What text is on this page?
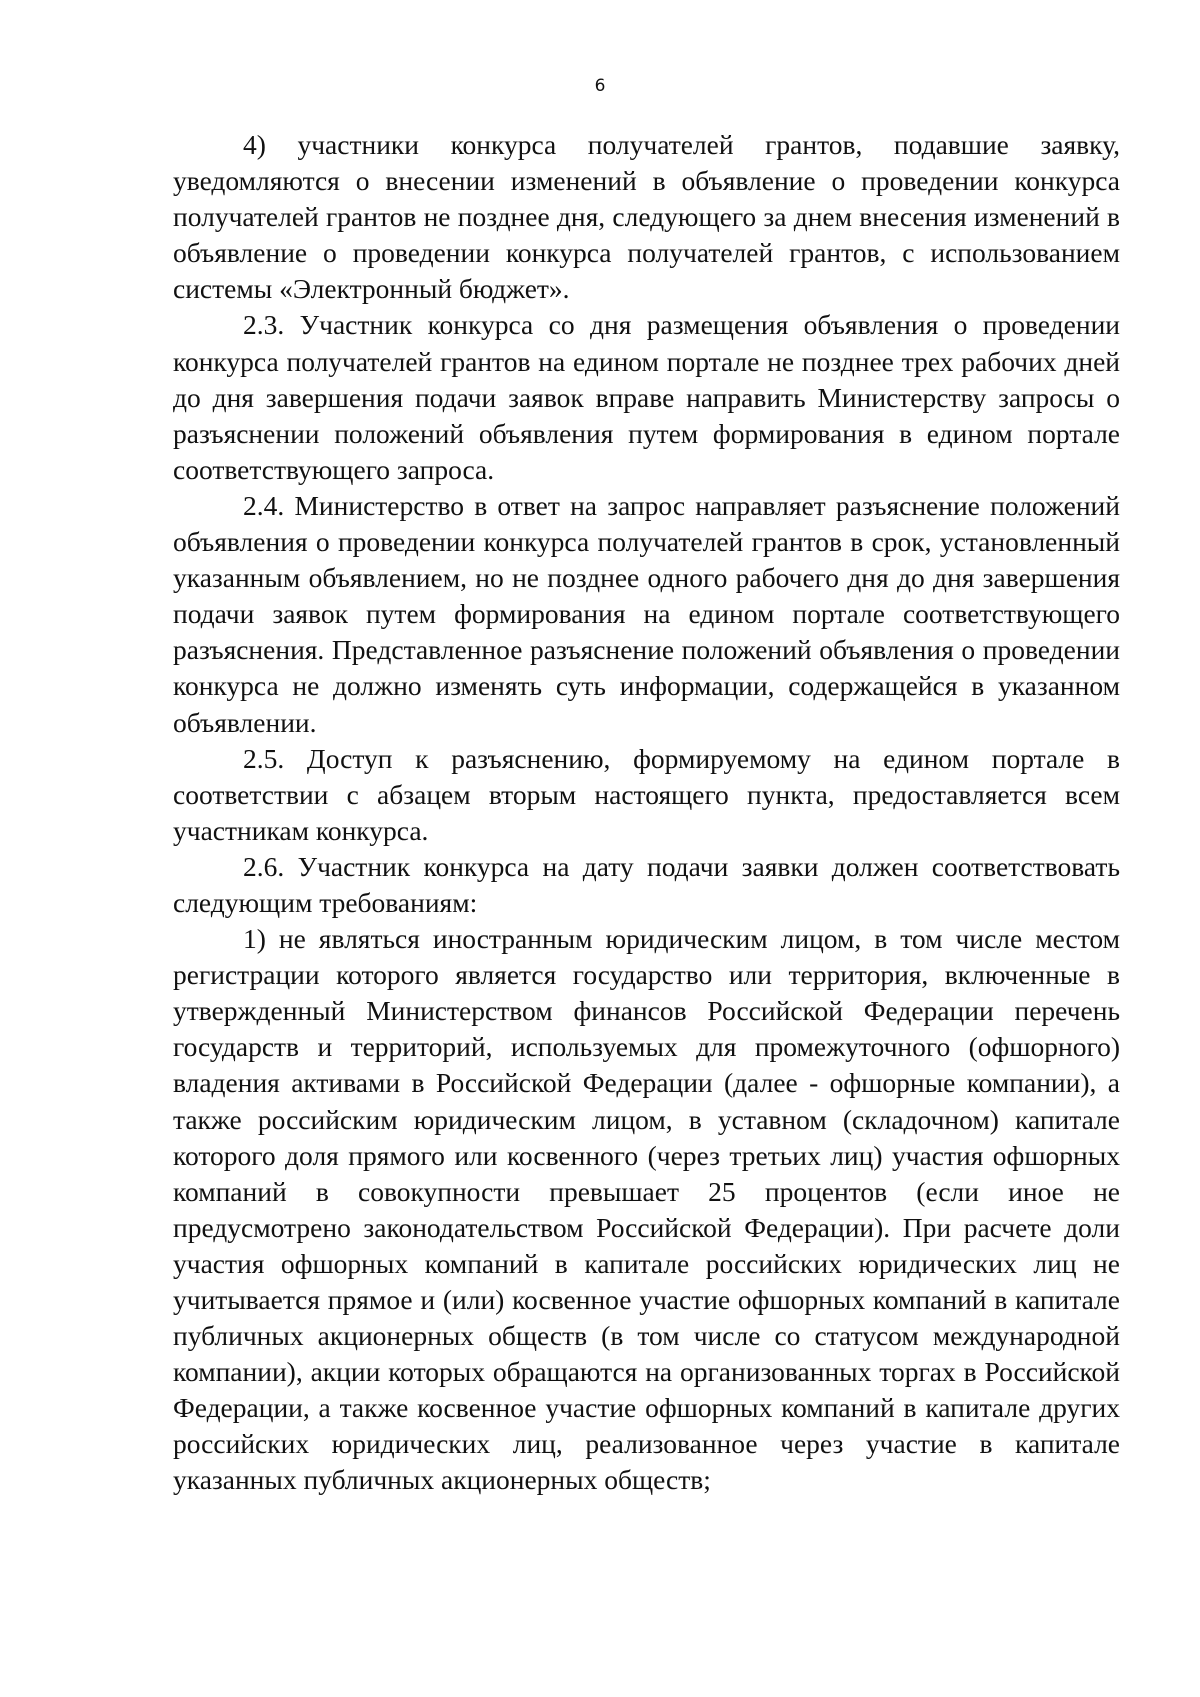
6

4) участники конкурса получателей грантов, подавшие заявку, уведомляются о внесении изменений в объявление о проведении конкурса получателей грантов не позднее дня, следующего за днем внесения изменений в объявление о проведении конкурса получателей грантов, с использованием системы «Электронный бюджет».

2.3. Участник конкурса со дня размещения объявления о проведении конкурса получателей грантов на едином портале не позднее трех рабочих дней до дня завершения подачи заявок вправе направить Министерству запросы о разъяснении положений объявления путем формирования в едином портале соответствующего запроса.

2.4. Министерство в ответ на запрос направляет разъяснение положений объявления о проведении конкурса получателей грантов в срок, установленный указанным объявлением, но не позднее одного рабочего дня до дня завершения подачи заявок путем формирования на едином портале соответствующего разъяснения. Представленное разъяснение положений объявления о проведении конкурса не должно изменять суть информации, содержащейся в указанном объявлении.

2.5. Доступ к разъяснению, формируемому на едином портале в соответствии с абзацем вторым настоящего пункта, предоставляется всем участникам конкурса.

2.6. Участник конкурса на дату подачи заявки должен соответствовать следующим требованиям:

1) не являться иностранным юридическим лицом, в том числе местом регистрации которого является государство или территория, включенные в утвержденный Министерством финансов Российской Федерации перечень государств и территорий, используемых для промежуточного (офшорного) владения активами в Российской Федерации (далее - офшорные компании), а также российским юридическим лицом, в уставном (складочном) капитале которого доля прямого или косвенного (через третьих лиц) участия офшорных компаний в совокупности превышает 25 процентов (если иное не предусмотрено законодательством Российской Федерации). При расчете доли участия офшорных компаний в капитале российских юридических лиц не учитывается прямое и (или) косвенное участие офшорных компаний в капитале публичных акционерных обществ (в том числе со статусом международной компании), акции которых обращаются на организованных торгах в Российской Федерации, а также косвенное участие офшорных компаний в капитале других российских юридических лиц, реализованное через участие в капитале указанных публичных акционерных обществ;
